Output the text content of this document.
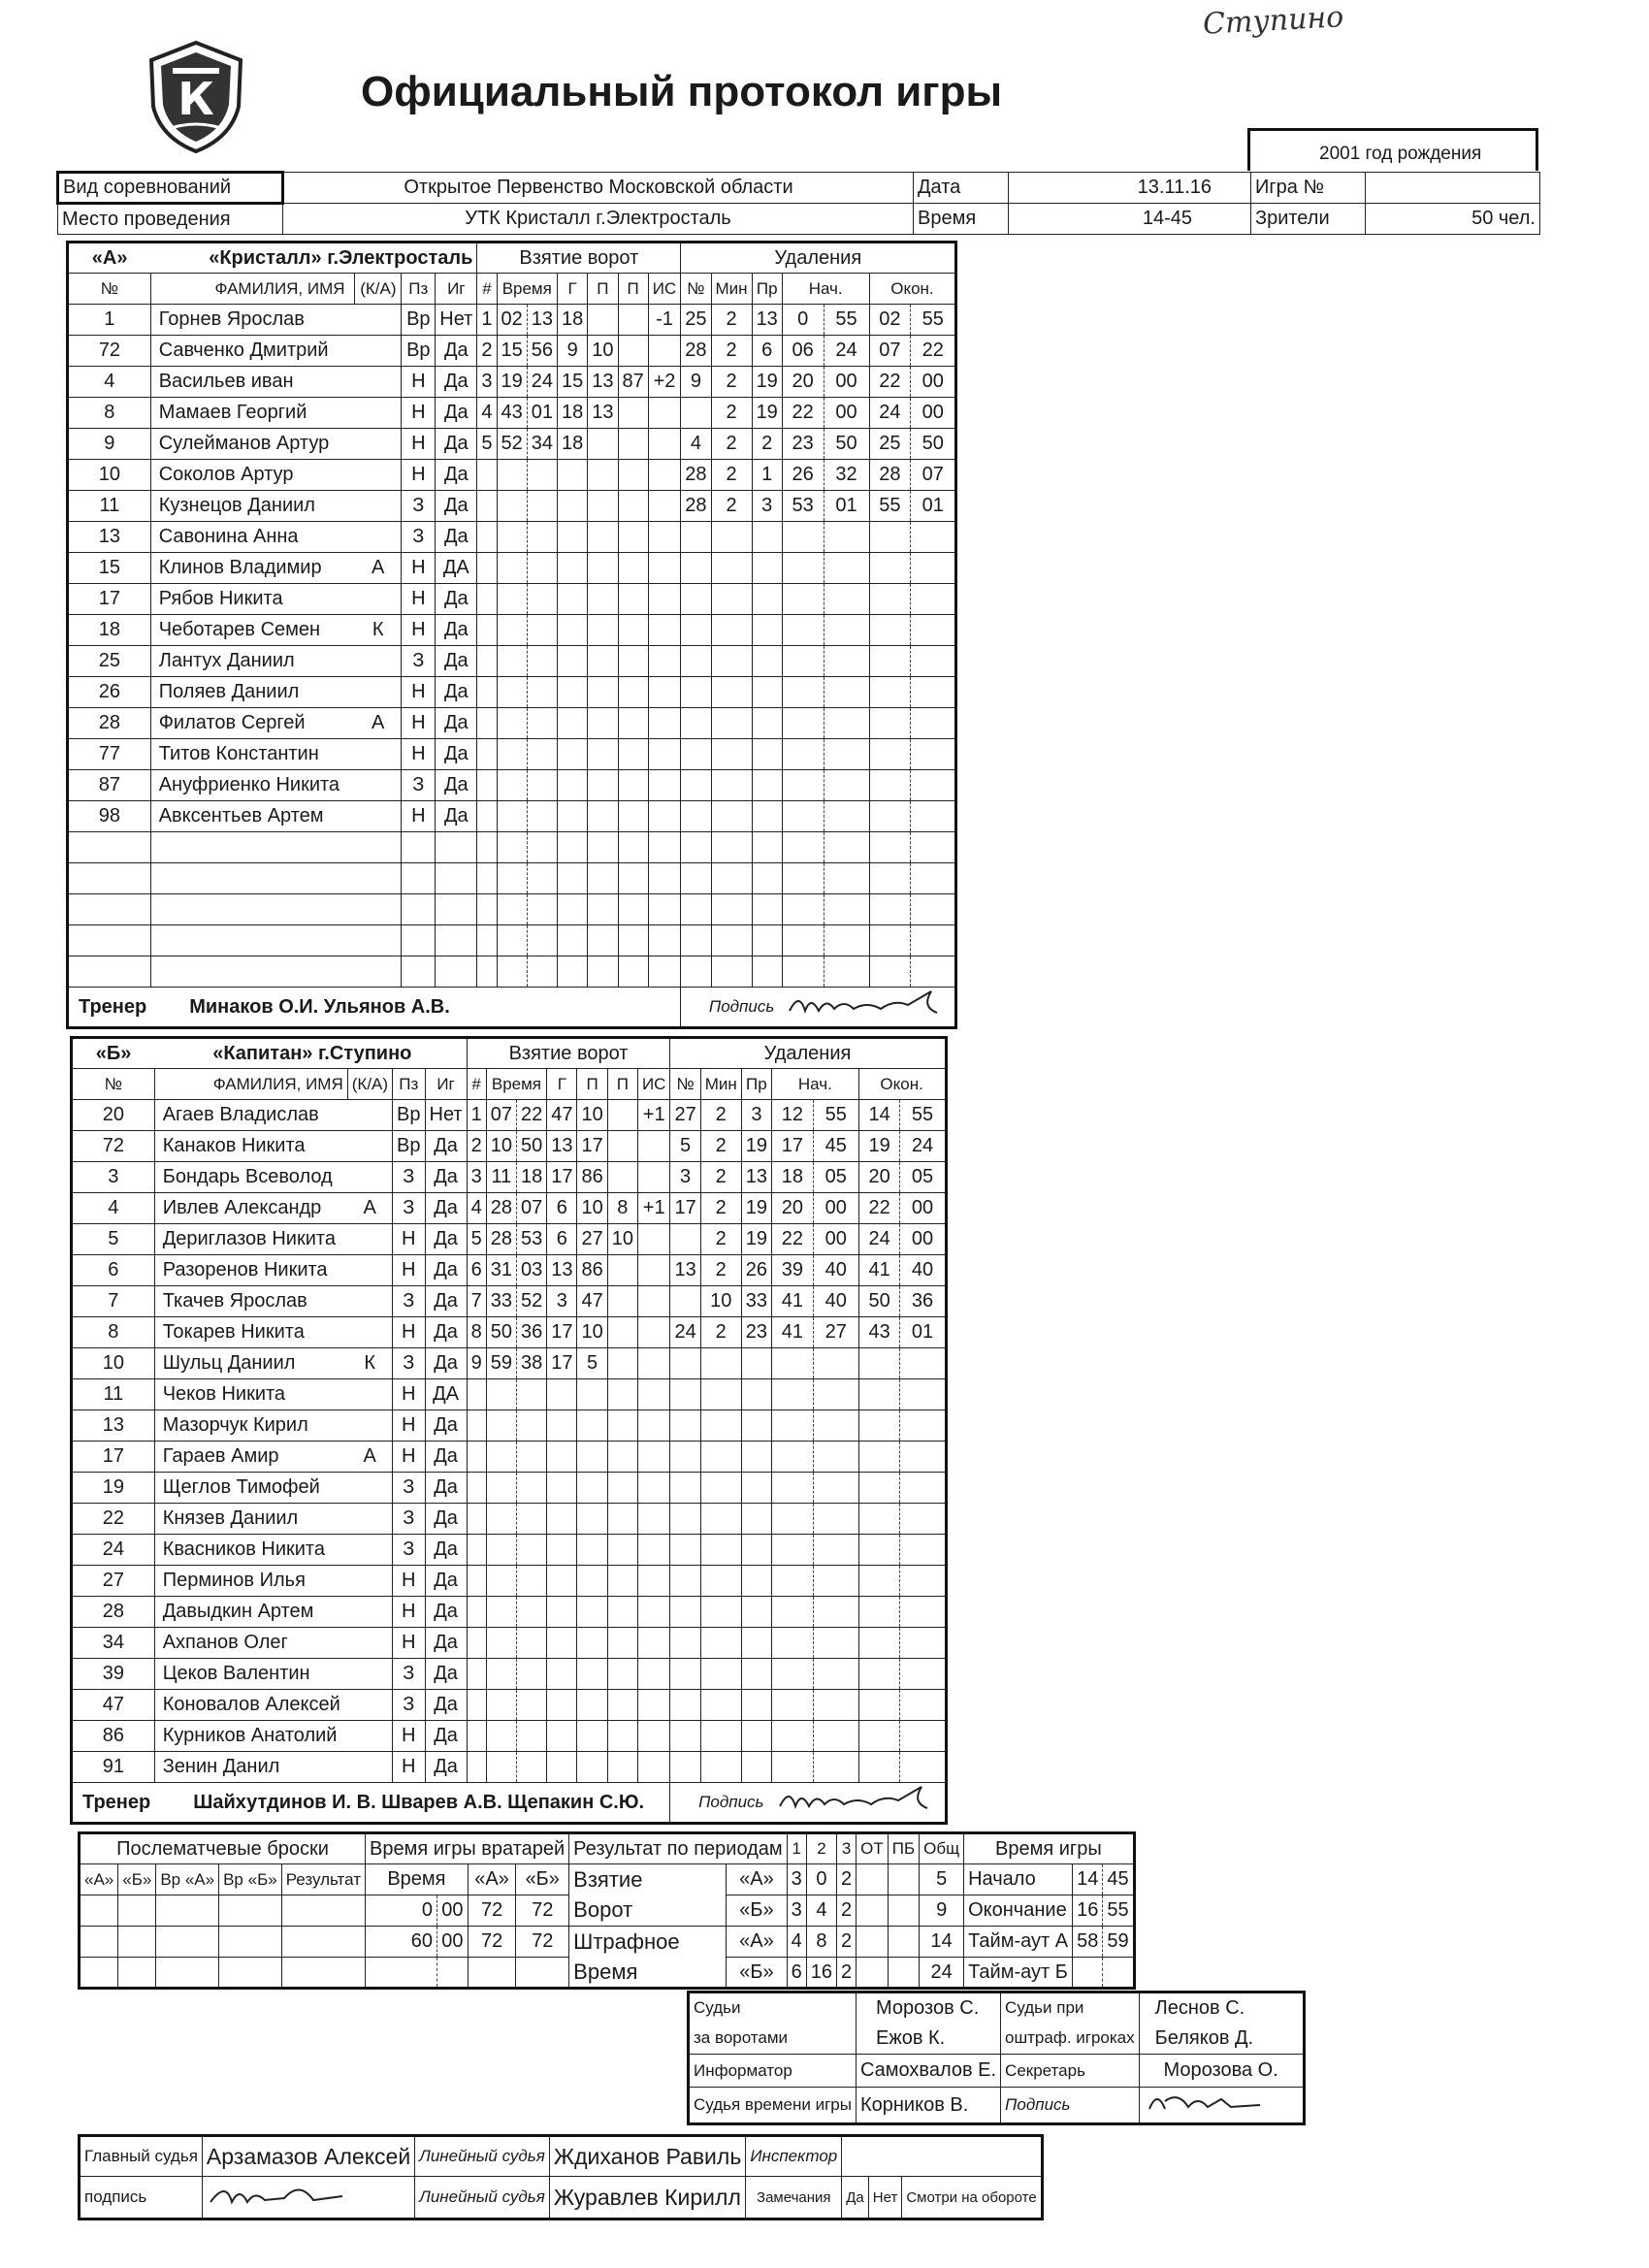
Ступино
К	Официальный протокол игры
2001 год рождения
Вид соревнований	Открытое Первенство Московской области	Дата	13.11.16	Игра №	
Место проведения	УТК Кристалл г.Электросталь	Время	14-45	Зрители	50 чел.
«А»	«Кристалл» г.Электросталь				Взятие ворот							Удаления						
№	ФАМИЛИЯ, ИМЯ	(К/А)	Пз	Иг	#	Время		Г	П	П	ИС	№	Мин	Пр	Нач.		Окон.	
1	Горнев Ярослав		Вр	Нет	1	02	13	18			-1	25	2	13	0	55	02	55
72	Савченко Дмитрий		Вр	Да	2	15	56	9	10			28	2	6	06	24	07	22
4	Васильев иван		Н	Да	3	19	24	15	13	87	+2	9	2	19	20	00	22	00
8	Мамаев Георгий		Н	Да	4	43	01	18	13				2	19	22	00	24	00
9	Сулейманов Артур		Н	Да	5	52	34	18				4	2	2	23	50	25	50
10	Соколов Артур		Н	Да								28	2	1	26	32	28	07
11	Кузнецов Даниил		З	Да								28	2	3	53	01	55	01
13	Савонина Анна		З	Да														
15	Клинов Владимир	А	Н	ДА														
17	Рябов Никита		Н	Да														
18	Чеботарев Семен	К	Н	Да														
25	Лантух Даниил		З	Да														
26	Поляев Даниил		Н	Да														
28	Филатов Сергей	А	Н	Да														
77	Титов Константин		Н	Да														
87	Ануфриенко Никита		З	Да														
98	Авксентьев Артем		Н	Да														

Тренер	Минаков О.И. Ульянов А.В.											Подпись	
«Б»	«Капитан» г.Ступино				Взятие ворот							Удаления						
№	ФАМИЛИЯ, ИМЯ	(К/А)	Пз	Иг	#	Время		Г	П	П	ИС	№	Мин	Пр	Нач.		Окон.	
20	Агаев Владислав		Вр	Нет	1	07	22	47	10		+1	27	2	3	12	55	14	55
72	Канаков Никита		Вр	Да	2	10	50	13	17			5	2	19	17	45	19	24
3	Бондарь Всеволод		З	Да	3	11	18	17	86			3	2	13	18	05	20	05
4	Ивлев Александр	А	З	Да	4	28	07	6	10	8	+1	17	2	19	20	00	22	00
5	Дериглазов Никита		Н	Да	5	28	53	6	27	10			2	19	22	00	24	00
6	Разоренов Никита		Н	Да	6	31	03	13	86			13	2	26	39	40	41	40
7	Ткачев Ярослав		З	Да	7	33	52	3	47				10	33	41	40	50	36
8	Токарев Никита		Н	Да	8	50	36	17	10			24	2	23	41	27	43	01
10	Шульц Даниил	К	З	Да	9	59	38	17	5									
11	Чеков Никита		Н	ДА														
13	Мазорчук Кирил		Н	Да														
17	Гараев Амир	А	Н	Да														
19	Щеглов Тимофей		З	Да														
22	Князев Даниил		З	Да														
24	Квасников Никита		З	Да														
27	Перминов Илья		Н	Да														
28	Давыдкин Артем		Н	Да														
34	Ахпанов Олег		Н	Да														
39	Цеков Валентин		З	Да														
47	Коновалов Алексей		З	Да														
86	Курников Анатолий		Н	Да														
91	Зенин Данил		Н	Да														
Тренер	Шайхутдинов И. В. Шварев А.В. Щепакин С.Ю.											Подпись	
Послематчевые броски					Время игры вратарей				Результат по периодам		1	2	3	ОТ	ПБ	Общ	Время игры		
«А»	«Б»	Вр «А»	Вр «Б»	Результат	Время		«А»	«Б»	Взятие	«А»	3	0	2			5	Начало	14	45
					0	00	72	72	Ворот	«Б»	3	4	2			9	Окончание	16	55
					60	00	72	72	Штрафное	«А»	4	8	2			14	Тайм-аут А	58	59
									Время	«Б»	6	16	2			24	Тайм-аут Б		
Судьи	Морозов С.	Судьи при	Леснов С.
за воротами	Ежов К.	оштраф. игроках	Беляков Д.
Информатор	Самохвалов Е.	Секретарь	Морозова О.
Судья времени игры	Корников В.	Подпись	
Главный судья	Арзамазов Алексей	Линейный судья	Ждиханов Равиль	Инспектор			
подпись		Линейный судья	Журавлев Кирилл	Замечания	Да	Нет	Смотри на обороте
